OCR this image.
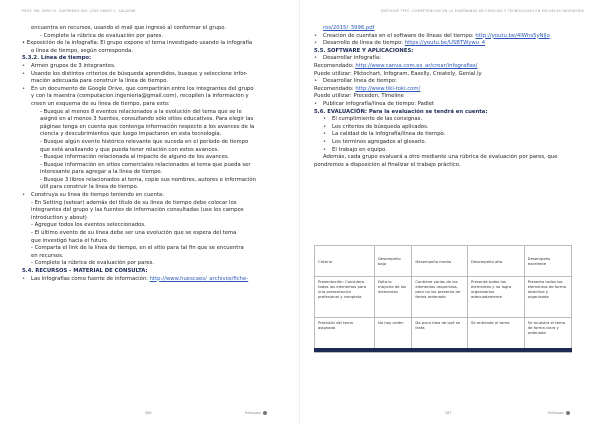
PROF. MA. SIRIO D. GUERRERO ING. JOSE DARIO C. SALAZAR

encuentra en recursos, usando el mail que ingresó al conformar el grupo.

- Complete la rúbrica de evaluación por pares.

• Exposición de la infografía: El grupo expone el tema investigado usando la infografía

o línea de tiempo, según corresponda.

5.3.2. Línea de tiempo:

• Armen grupos de 3 integrantes.

• Usando los distintos criterios de búsqueda aprendidos, busque y seleccione infor-

mación adecuada para construir la línea de tiempo.

• En un documento de Google Drive, que compartirán entre los integrantes del grupo

y con la maestra (computacion.ingenieria@gmail.com), recopilen la información y

creen un esquema de su línea de tiempo, para esto:

- Busque al menos 8 eventos relacionados a la evolución del tema que se le

asignó en al menos 3 fuentes, consultando sólo sitios educativos. Para elegir las

páginas tenga en cuenta que contenga información respecto a los avances de la

ciencia y descubrimientos que luego impactaron en esta tecnología.

- Busque algún evento histórico relevante que suceda en el período de tiempo

que está analizando y que pueda tener relación con estos avances.

- Busque información relacionada al impacto de alguno de los avances.

- Busque información en sitios comerciales relacionados al tema que pueda ser

interesante para agregar a la línea de tiempo.

- Busque 3 libros relacionados al tema, copie sus nombres, autores e información

útil para construir la línea de tiempo.

• Construya su línea de tiempo teniendo en cuenta:

- En Setting (setear) además del título de su línea de tiempo debe colocar los

integrantes del grupo y las fuentes de información consultadas (use los campos

introduction y about)

- Agregue todos los eventos seleccionados.

- El último evento de su línea debe ser una evolución que se espera del tema

que investigó hacia el futuro.

- Comparta el link de la línea de tiempo, en el sitio para tal fin que se encuentra

en recursos.

- Complete la rúbrica de evaluación por pares.

5.4. RECURSOS - MATERIAL DE CONSULTA:

• Las infografías como fuente de información: http://www.huescaes/_archivos/fiche-

286	Enfoques
ENFOQUE TPYC: COMPETENCIAS EN LA ENSEÑANZA DE CIENCIAS Y TECNOLOGÍAS EN ESCUELAS INGENIERIA

ros/2015/_3996.pdf

• Creación de cuentas en el software de líneas del tiempo: http://youtu.be/4lWhs5yNlJo

• Desarrollo de línea de tiempo: https://youtu.be/USBTWywu_4

5.5. SOFTWARE Y APLICACIONES:

• Desarrollar infografía:

Recomendado: http://www.canva.com.es_ar/crear/infografias/

Puede utilizar: Piktochart, Infogram, Easelly, Creately, Genial.ly

• Desarrollar línea de tiempo:

Recomendado: http://www.tiki-toki.com/

Puede utilizar: Preceden, Timeline

• Publicar infografía/línea de tiempo: Padlet

5.6. EVALUACIÓN: Para la evaluación se tendrá en cuenta:

• El cumplimiento de las consignas.

• Los criterios de búsqueda aplicados.

• La calidad de la infografía/línea de tiempo.

• Los términos agregados al glosario.

• El trabajo en equipo.

Además, cada grupo evaluará a otro mediante una rúbrica de evaluación por pares, que

pondremos a disposición al finalizar el trabajo práctico.

Criterio	Desempeño bajo	Desempeño medio	Desempeño alto	Desempeño excelente
Presentación: Considera todos los elementos para una presentación profesional y completa	Falta la mayoría de los elementos	Contiene varios de los elementos requeridos, pero no los presenta de forma ordenada	Presenta todos los elementos y no logra organizarlos adecuadamente	Presenta todos los elementos de forma atractiva y organizada
Precisión del tema asignado	No hay orden	Da poca idea de qué se trata	Se entiende el tema	Se muestra el tema de forma clara y ordenada
287	Enfoques
